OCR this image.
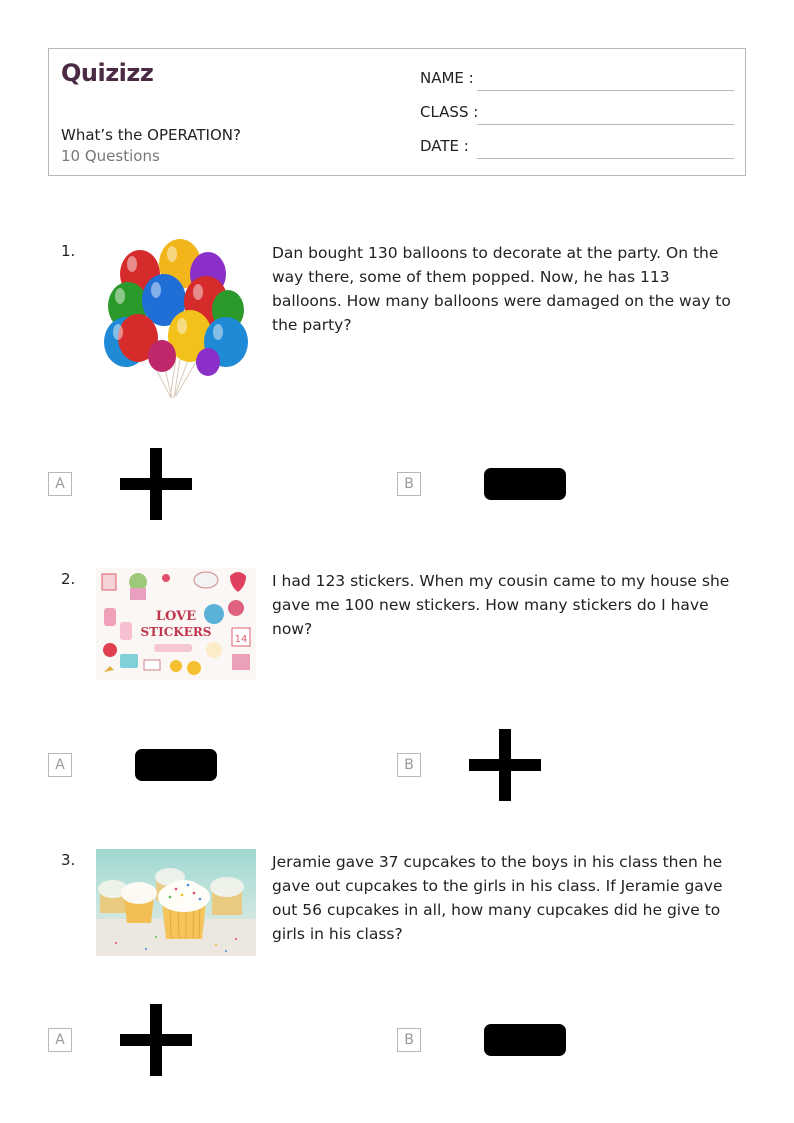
Quizizz
What’s the OPERATION?
10 Questions
NAME :
CLASS :
DATE :
1.	Dan bought 130 balloons to decorate at the party. On the way there, some of them popped. Now, he has 113 balloons. How many balloons were damaged on the way to the party?
A	B
2.
14
LOVE
STICKERS
I had 123 stickers. When my cousin came to my house she gave me 100 new stickers. How many stickers do I have now?
A	B
3.	Jeramie gave 37 cupcakes to the boys in his class then he gave out cupcakes to the girls in his class. If Jeramie gave out 56 cupcakes in all, how many cupcakes did he give to girls in his class?
A	B
